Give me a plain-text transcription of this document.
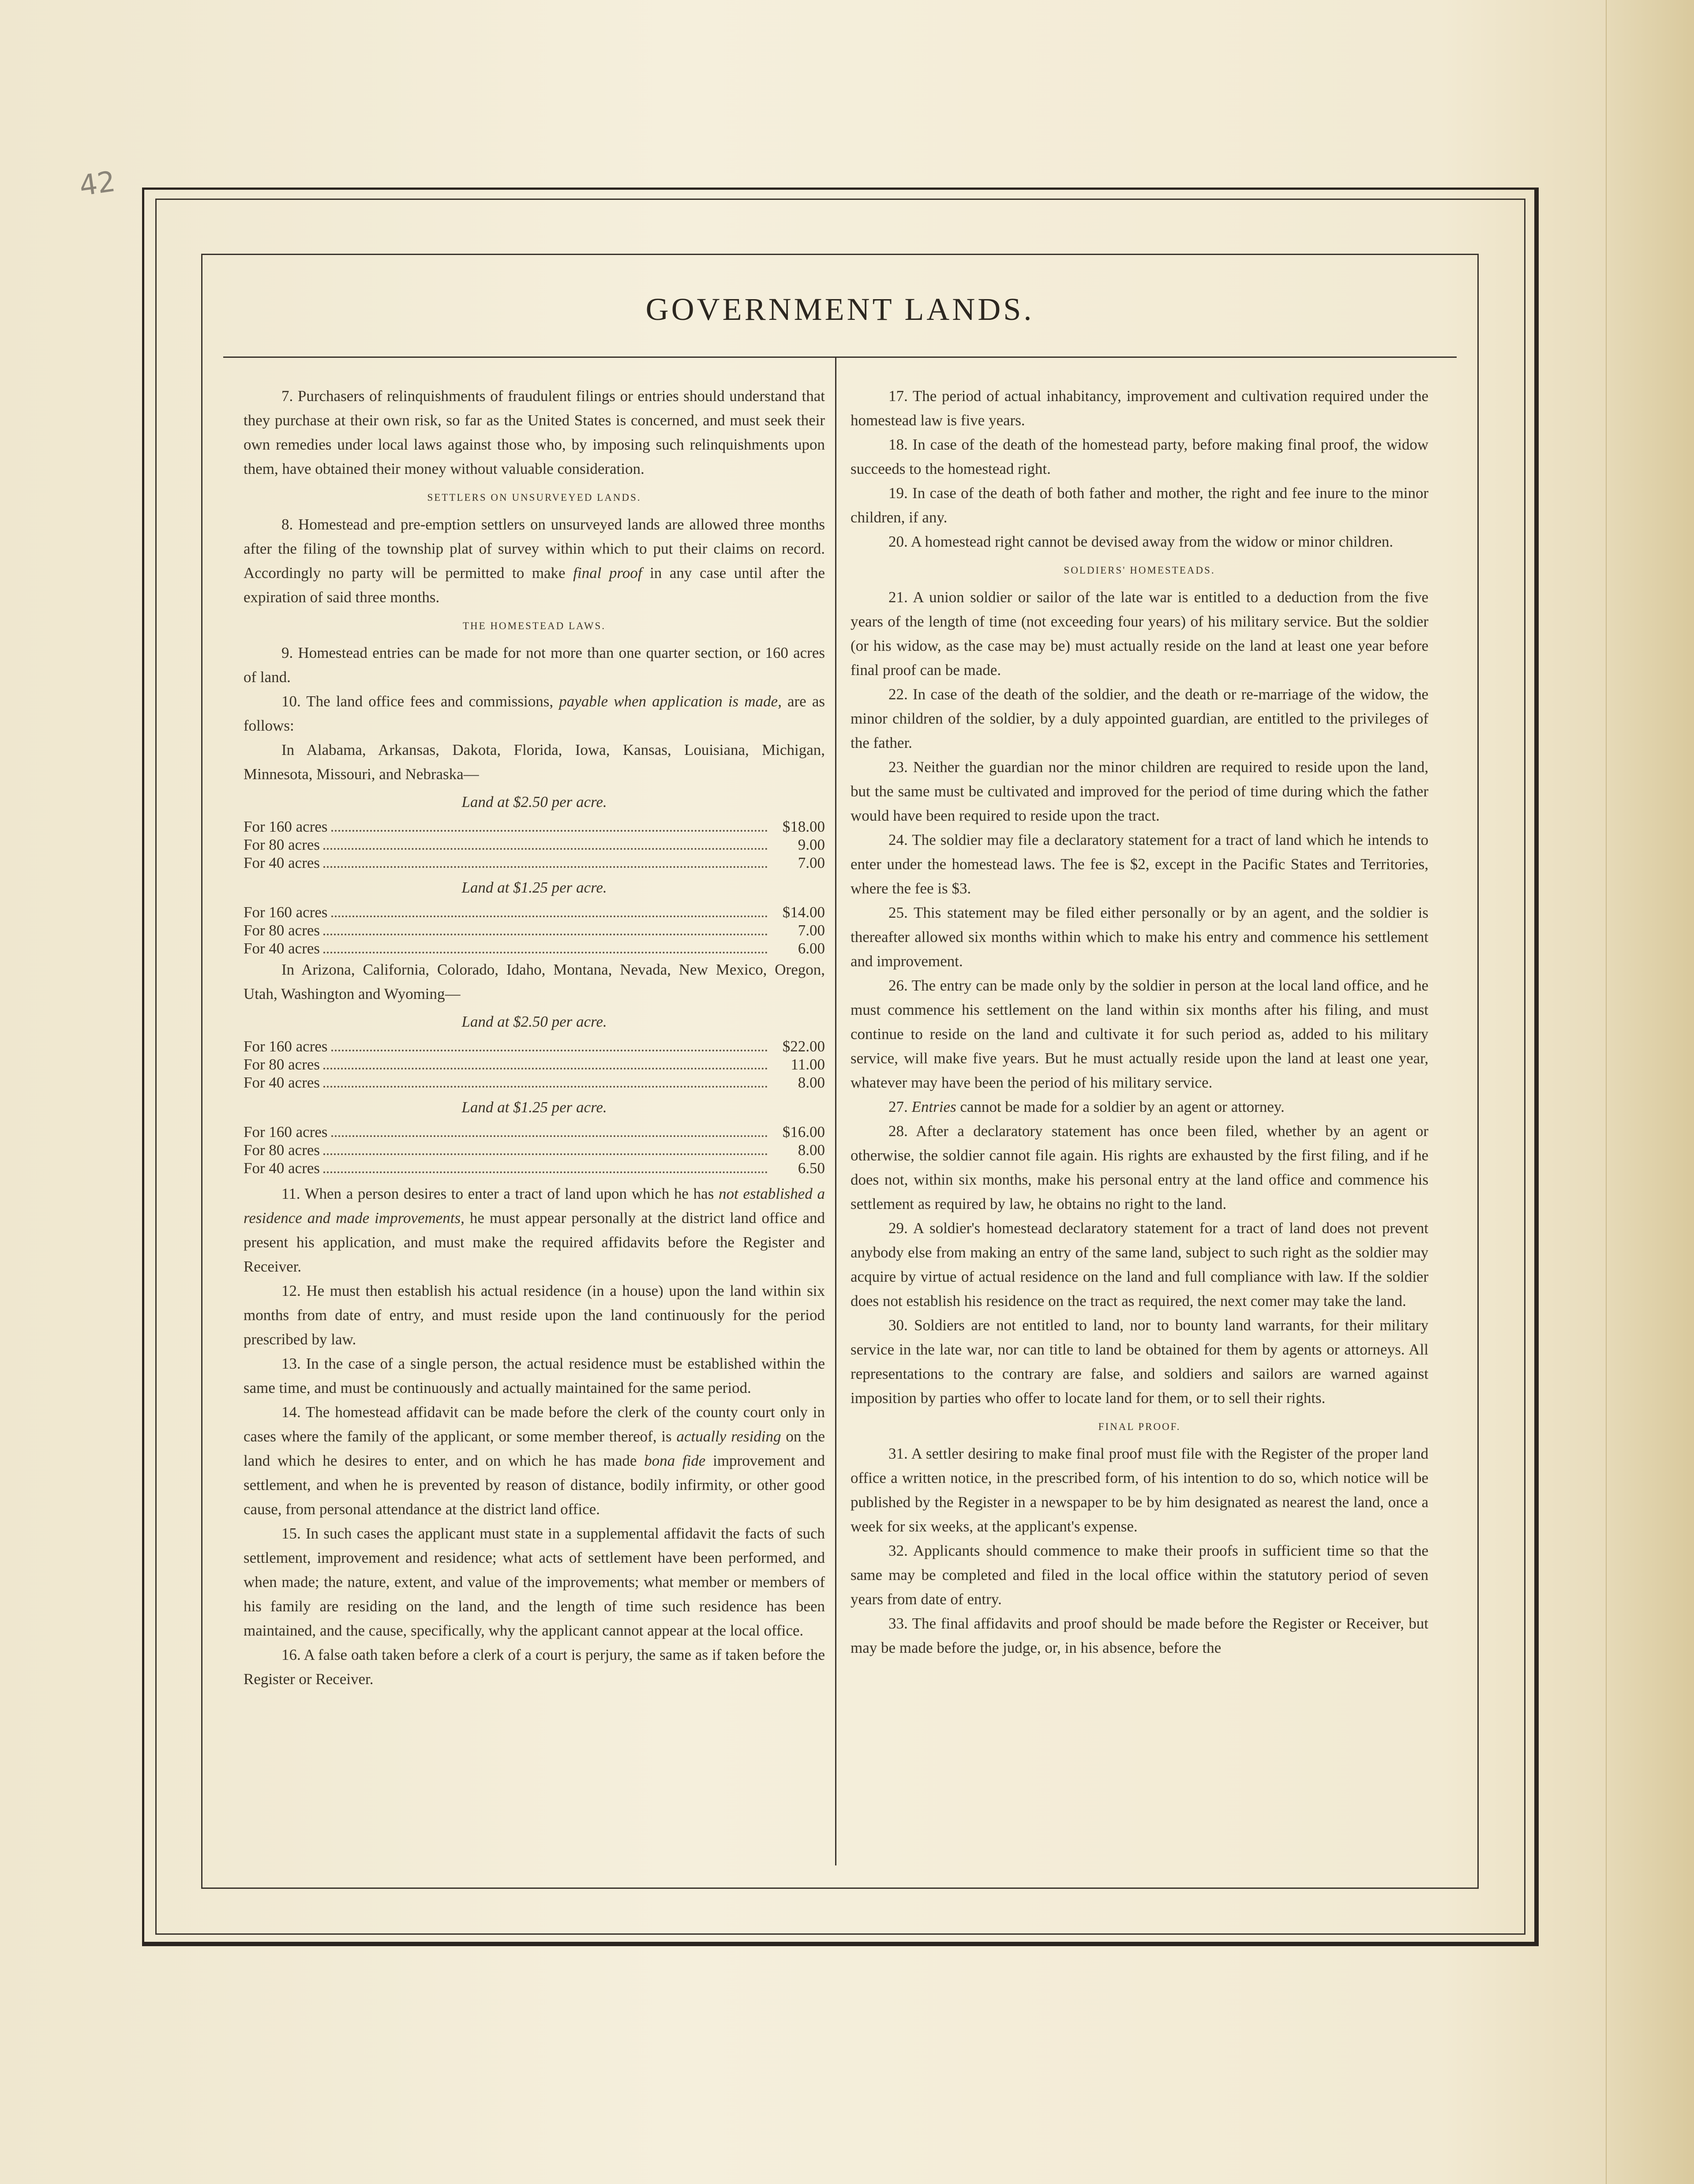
42
GOVERNMENT LANDS.

7. Purchasers of relinquishments of fraudulent filings or entries should understand that they purchase at their own risk, so far as the United States is concerned, and must seek their own remedies under local laws against those who, by imposing such relinquishments upon them, have obtained their money without valuable consideration.

SETTLERS ON UNSURVEYED LANDS.

8. Homestead and pre-emption settlers on unsurveyed lands are allowed three months after the filing of the township plat of survey within which to put their claims on record. Accordingly no party will be permitted to make final proof in any case until after the expiration of said three months.

THE HOMESTEAD LAWS.

9. Homestead entries can be made for not more than one quarter section, or 160 acres of land.

10. The land office fees and commissions, payable when application is made, are as follows:

In Alabama, Arkansas, Dakota, Florida, Iowa, Kansas, Louisiana, Michigan, Minnesota, Missouri, and Nebraska—

Land at $2.50 per acre.

For 160 acres	$18.00
For 80 acres	9.00
For 40 acres	7.00

Land at $1.25 per acre.

For 160 acres	$14.00
For 80 acres	7.00
For 40 acres	6.00

In Arizona, California, Colorado, Idaho, Montana, Nevada, New Mexico, Oregon, Utah, Washington and Wyoming—

Land at $2.50 per acre.

For 160 acres	$22.00
For 80 acres	11.00
For 40 acres	8.00

Land at $1.25 per acre.

For 160 acres	$16.00
For 80 acres	8.00
For 40 acres	6.50

11. When a person desires to enter a tract of land upon which he has not established a residence and made improvements, he must appear personally at the district land office and present his application, and must make the required affidavits before the Register and Receiver.

12. He must then establish his actual residence (in a house) upon the land within six months from date of entry, and must reside upon the land continuously for the period prescribed by law.

13. In the case of a single person, the actual residence must be established within the same time, and must be continuously and actually maintained for the same period.

14. The homestead affidavit can be made before the clerk of the county court only in cases where the family of the applicant, or some member thereof, is actually residing on the land which he desires to enter, and on which he has made bona fide improvement and settlement, and when he is prevented by reason of distance, bodily infirmity, or other good cause, from personal attendance at the district land office.

15. In such cases the applicant must state in a supplemental affidavit the facts of such settlement, improvement and residence; what acts of settlement have been performed, and when made; the nature, extent, and value of the improvements; what member or members of his family are residing on the land, and the length of time such residence has been maintained, and the cause, specifically, why the applicant cannot appear at the local office.

16. A false oath taken before a clerk of a court is perjury, the same as if taken before the Register or Receiver.

17. The period of actual inhabitancy, improvement and cultivation required under the homestead law is five years.

18. In case of the death of the homestead party, before making final proof, the widow succeeds to the homestead right.

19. In case of the death of both father and mother, the right and fee inure to the minor children, if any.

20. A homestead right cannot be devised away from the widow or minor children.

SOLDIERS' HOMESTEADS.

21. A union soldier or sailor of the late war is entitled to a deduction from the five years of the length of time (not exceeding four years) of his military service. But the soldier (or his widow, as the case may be) must actually reside on the land at least one year before final proof can be made.

22. In case of the death of the soldier, and the death or re-marriage of the widow, the minor children of the soldier, by a duly appointed guardian, are entitled to the privileges of the father.

23. Neither the guardian nor the minor children are required to reside upon the land, but the same must be cultivated and improved for the period of time during which the father would have been required to reside upon the tract.

24. The soldier may file a declaratory statement for a tract of land which he intends to enter under the homestead laws. The fee is $2, except in the Pacific States and Territories, where the fee is $3.

25. This statement may be filed either personally or by an agent, and the soldier is thereafter allowed six months within which to make his entry and commence his settlement and improvement.

26. The entry can be made only by the soldier in person at the local land office, and he must commence his settlement on the land within six months after his filing, and must continue to reside on the land and cultivate it for such period as, added to his military service, will make five years. But he must actually reside upon the land at least one year, whatever may have been the period of his military service.

27. Entries cannot be made for a soldier by an agent or attorney.

28. After a declaratory statement has once been filed, whether by an agent or otherwise, the soldier cannot file again. His rights are exhausted by the first filing, and if he does not, within six months, make his personal entry at the land office and commence his settlement as required by law, he obtains no right to the land.

29. A soldier's homestead declaratory statement for a tract of land does not prevent anybody else from making an entry of the same land, subject to such right as the soldier may acquire by virtue of actual residence on the land and full compliance with law. If the soldier does not establish his residence on the tract as required, the next comer may take the land.

30. Soldiers are not entitled to land, nor to bounty land warrants, for their military service in the late war, nor can title to land be obtained for them by agents or attorneys. All representations to the contrary are false, and soldiers and sailors are warned against imposition by parties who offer to locate land for them, or to sell their rights.

FINAL PROOF.

31. A settler desiring to make final proof must file with the Register of the proper land office a written notice, in the prescribed form, of his intention to do so, which notice will be published by the Register in a newspaper to be by him designated as nearest the land, once a week for six weeks, at the applicant's expense.

32. Applicants should commence to make their proofs in sufficient time so that the same may be completed and filed in the local office within the statutory period of seven years from date of entry.

33. The final affidavits and proof should be made before the Register or Receiver, but may be made before the judge, or, in his absence, before the
